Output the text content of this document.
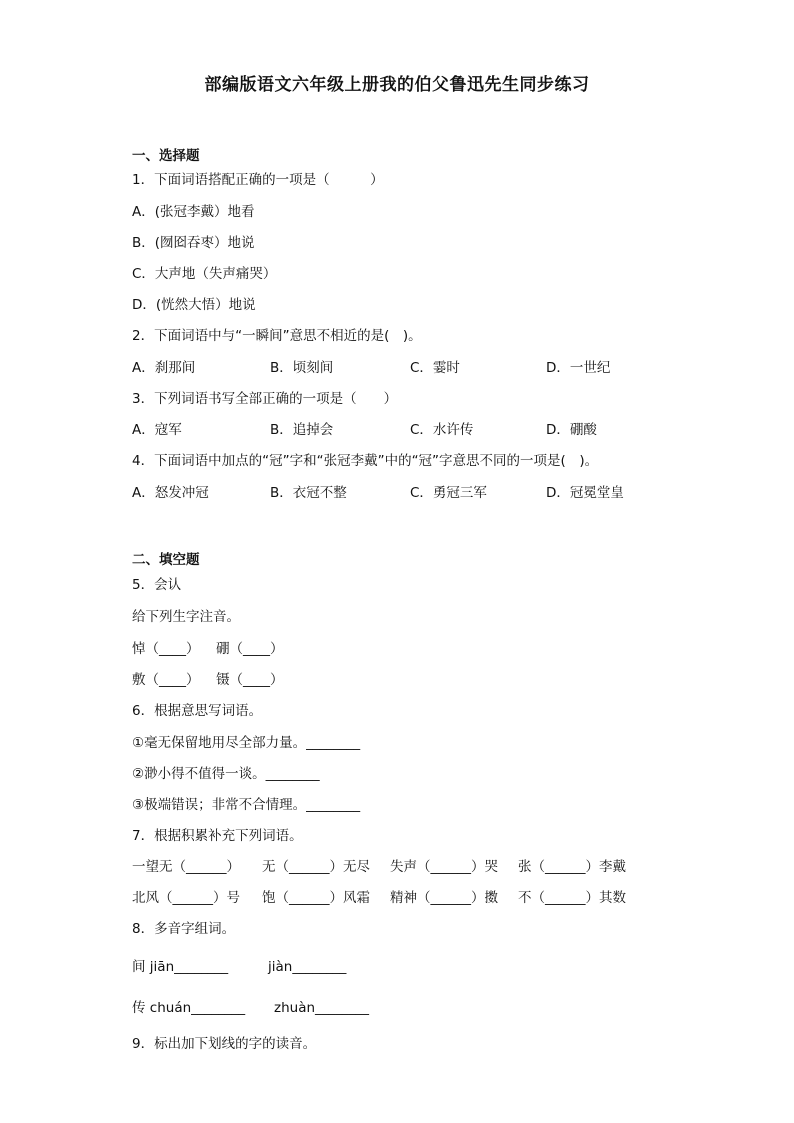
部编版语文六年级上册我的伯父鲁迅先生同步练习
一、选择题
1．下面词语搭配正确的一项是（　　　）
A．(张冠李戴）地看
B．(囫囵吞枣）地说
C．大声地（失声痛哭）
D．(恍然大悟）地说
2．下面词语中与“一瞬间”意思不相近的是(　)。
A．刹那间	B．顷刻间	C．霎时	D．一世纪
3．下列词语书写全部正确的一项是（　　）
A．寇军	B．追掉会	C．水许传	D．硼酸
4．下面词语中加点的“冠”字和“张冠李戴”中的“冠”字意思不同的一项是(　)。
A．怒发冲冠	B．衣冠不整	C．勇冠三军	D．冠冕堂皇
二、填空题
5．会认
给下列生字注音。
悼（____） 硼（____）
敷（____） 镊（____）
6．根据意思写词语。
①毫无保留地用尽全部力量。________
②渺小得不值得一谈。________
③极端错误；非常不合情理。________
7．根据积累补充下列词语。
一望无（______） 无（______）无尽 失声（______）哭 张（______）李戴
北风（______）号 饱（______）风霜 精神（______）擞 不（______）其数
8．多音字组词。
间 jiān________	jiàn________
传 chuán________ zhuàn________
9．标出加下划线的字的读音。
